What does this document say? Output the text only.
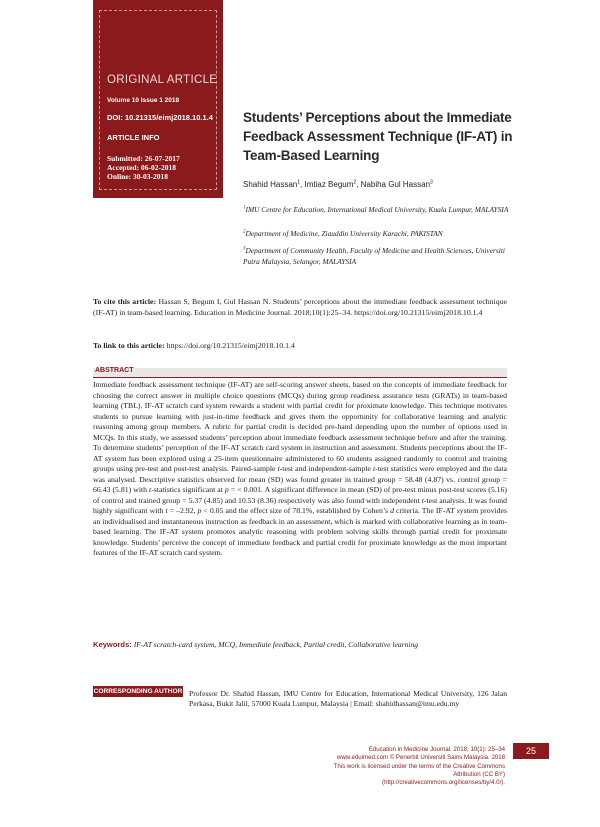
ORIGINAL ARTICLE
Volume 10 Issue 1 2018
DOI: 10.21315/eimj2018.10.1.4
ARTICLE INFO
Submitted: 26-07-2017
Accepted: 06-02-2018
Online: 30-03-2018
Students’ Perceptions about the Immediate Feedback Assessment Technique (IF-AT) in Team-Based Learning
Shahid Hassan$^1$, Imtiaz Begum$^2$, Nabiha Gul Hassan$^3$
$^1$IMU Centre for Education, International Medical University, Kuala Lumpur, MALAYSIA
$^2$Department of Medicine, Ziauddin University Karachi, PAKISTAN
$^3$Department of Community Health, Faculty of Medicine and Health Sciences, Universiti Putra Malaysia, Selangor, MALAYSIA
To cite this article: Hassan S, Begum I, Gul Hassan N. Students’ perceptions about the immediate feedback assessment technique (IF-AT) in team-based learning. Education in Medicine Journal. 2018;10(1):25–34. https://doi.org/10.21315/eimj2018.10.1.4
To link to this article: https://doi.org/10.21315/eimj2018.10.1.4
ABSTRACT

Immediate feedback assessment technique (IF-AT) are self-scoring answer sheets, based on the concepts of immediate feedback for choosing the correct answer in multiple choice questions (MCQs) during group readiness assurance tests (GRATs) in team-based learning (TBL). IF-AT scratch card system rewards a student with partial credit for proximate knowledge. This technique motivates students to pursue learning with just-in-time feedback and gives them the opportunity for collaborative learning and analytic reasoning among group members. A rubric for partial credit is decided pre-hand depending upon the number of options used in MCQs. In this study, we assessed students’ perception about immediate feedback assessment technique before and after the training. To determine students’ perception of the IF-AT scratch card system in instruction and assessment. Students perceptions about the IF-AT system has been explored using a 25-item questionnaire administered to 60 students assigned randomly to control and training groups using pre-test and post-test analysis. Paired-sample t-test and independent-sample t-test statistics were employed and the data was analysed. Descriptive statistics observed for mean (SD) was found greater in trained group = 58.48 (4.87) vs. control group = 66.43 (5.81) with t-statistics significant at p = < 0.001. A significant difference in mean (SD) of pre-test minus post-test scores (5.16) of control and trained group = 5.37 (4.85) and 10.53 (8.36) respectively was also found with independent t-test analysis. It was found highly significant with t = –2.92, p < 0.05 and the effect size of 78.1%, established by Cohen’s d criteria. The IF-AT system provides an individualised and instantaneous instruction as feedback in an assessment, which is marked with collaborative learning as in team-based learning. The IF-AT system promotes analytic reasoning with problem solving skills through partial credit for proximate knowledge. Students’ perceive the concept of immediate feedback and partial credit for proximate knowledge as the most important features of the IF-AT scratch card system.

Keywords: IF-AT scratch-card system, MCQ, Immediate feedback, Partial credit, Collaborative learning
CORRESPONDING AUTHOR Professor Dr. Shahid Hassan, IMU Centre for Education, International Medical University, 126 Jalan Perkasa, Bukit Jalil, 57000 Kuala Lumpur, Malaysia | Email: shahidhassan@imu.edu.my
Education in Medicine Journal. 2018; 10(1): 25–34
www.eduimed.com © Penerbit Universiti Sains Malaysia. 2018
This work is licensed under the terms of the Creative Commons Attribution (CC BY)
(http://creativecommons.org/licenses/by/4.0/).
25
